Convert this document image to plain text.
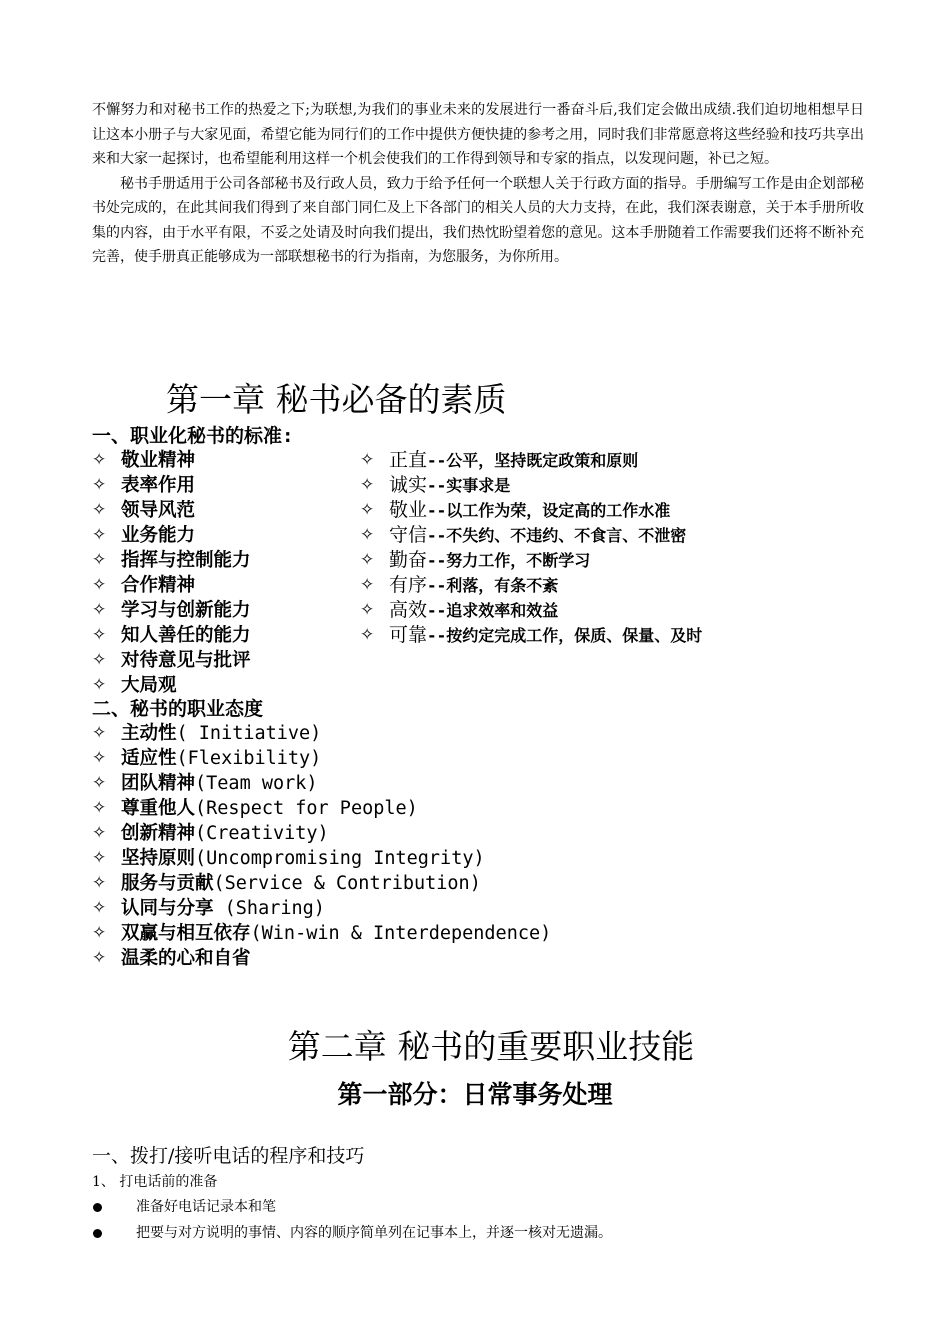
不懈努力和对秘书工作的热爱之下;为联想,为我们的事业未来的发展进行一番奋斗后,我们定会做出成绩.我们迫切地相想早日让这本小册子与大家见面，希望它能为同行们的工作中提供方便快捷的参考之用，同时我们非常愿意将这些经验和技巧共享出来和大家一起探讨，也希望能利用这样一个机会使我们的工作得到领导和专家的指点，以发现问题，补已之短。

秘书手册适用于公司各部秘书及行政人员，致力于给予任何一个联想人关于行政方面的指导。手册编写工作是由企划部秘书处完成的，在此其间我们得到了来自部门同仁及上下各部门的相关人员的大力支持，在此，我们深表谢意，关于本手册所收集的内容，由于水平有限，不妥之处请及时向我们提出，我们热忱盼望着您的意见。这本手册随着工作需要我们还将不断补充完善，使手册真正能够成为一部联想秘书的行为指南，为您服务，为你所用。

第一章 秘书必备的素质
一、职业化秘书的标准:
✧ 敬业精神
✧ 表率作用
✧ 领导风范
✧ 业务能力
✧ 指挥与控制能力
✧ 合作精神
✧ 学习与创新能力
✧ 知人善任的能力
✧ 对待意见与批评
✧ 大局观
✧ 正直 --公平，坚持既定政策和原则
✧ 诚实 --实事求是
✧ 敬业 --以工作为荣，设定高的工作水准
✧ 守信 --不失约、不违约、不食言、不泄密
✧ 勤奋 --努力工作，不断学习
✧ 有序 --利落，有条不紊
✧ 高效 --追求效率和效益
✧ 可靠 --按约定完成工作，保质、保量、及时
二、秘书的职业态度
✧ 主动性 ( Initiative)
✧ 适应性 (Flexibility)
✧ 团队精神 (Team work)
✧ 尊重他人 (Respect for People)
✧ 创新精神 (Creativity)
✧ 坚持原则 (Uncompromising Integrity)
✧ 服务与贡献 (Service & Contribution)
✧ 认同与分享 (Sharing)
✧ 双赢与相互依存 (Win-win & Interdependence)
✧ 温柔的心和自省
第二章 秘书的重要职业技能
第一部分：日常事务处理
一、拨打/接听电话的程序和技巧

1、 打电话前的准备

准备好电话记录本和笔
把要与对方说明的事情、内容的顺序简单列在记事本上，并逐一核对无遗漏。
